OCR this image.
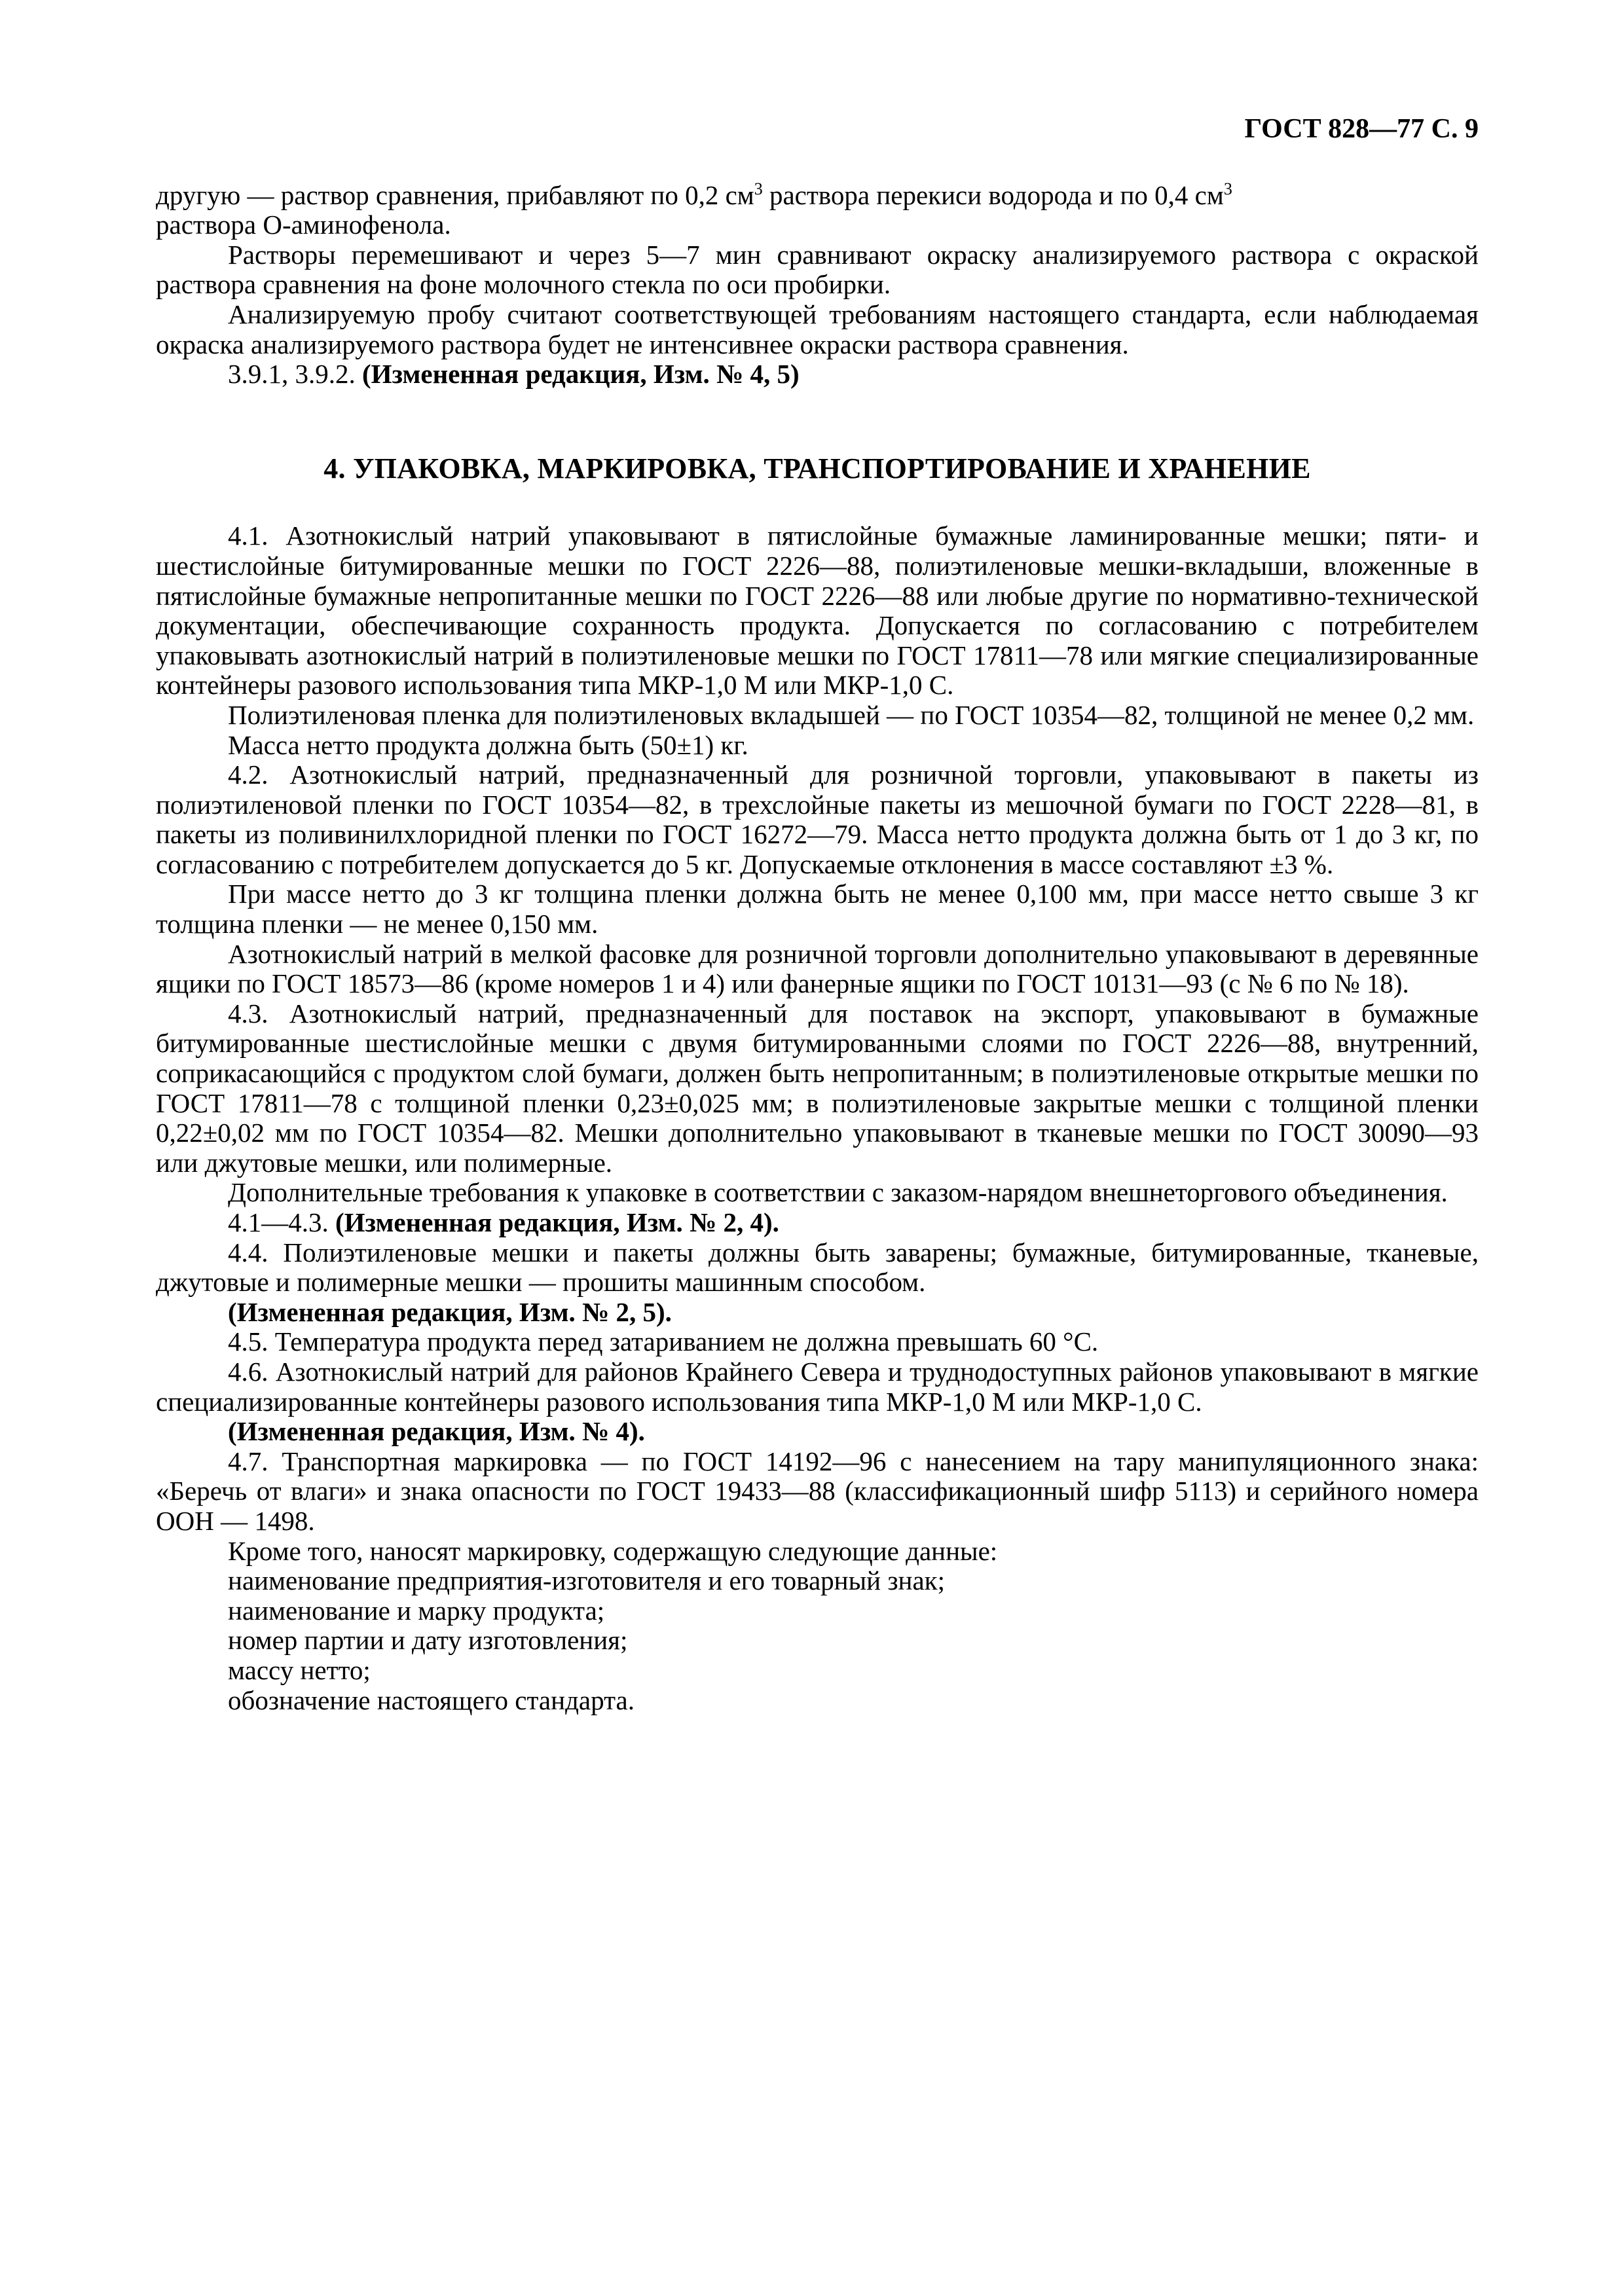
ГОСТ 828—77 С. 9

другую — раствор сравнения, прибавляют по 0,2 $см^3$ раствора перекиси водорода и по 0,4 $см^3$
раствора О-аминофенола.

Растворы перемешивают и через 5—7 мин сравнивают окраску анализируемого раствора с окраской раствора сравнения на фоне молочного стекла по оси пробирки.

Анализируемую пробу считают соответствующей требованиям настоящего стандарта, если наблюдаемая окраска анализируемого раствора будет не интенсивнее окраски раствора сравнения.

3.9.1, 3.9.2. (Измененная редакция, Изм. № 4, 5)

4. УПАКОВКА, МАРКИРОВКА, ТРАНСПОРТИРОВАНИЕ И ХРАНЕНИЕ

4.1. Азотнокислый натрий упаковывают в пятислойные бумажные ламинированные мешки; пяти- и шестислойные битумированные мешки по ГОСТ 2226—88, полиэтиленовые мешки-вкладыши, вложенные в пятислойные бумажные непропитанные мешки по ГОСТ 2226—88 или любые другие по нормативно-технической документации, обеспечивающие сохранность продукта. Допускается по согласованию с потребителем упаковывать азотнокислый натрий в полиэтиленовые мешки по ГОСТ 17811—78 или мягкие специализированные контейнеры разового использования типа МКР-1,0 М или МКР-1,0 С.

Полиэтиленовая пленка для полиэтиленовых вкладышей — по ГОСТ 10354—82, толщиной не менее 0,2 мм.

Масса нетто продукта должна быть (50±1) кг.

4.2. Азотнокислый натрий, предназначенный для розничной торговли, упаковывают в пакеты из полиэтиленовой пленки по ГОСТ 10354—82, в трехслойные пакеты из мешочной бумаги по ГОСТ 2228—81, в пакеты из поливинилхлоридной пленки по ГОСТ 16272—79. Масса нетто продукта должна быть от 1 до 3 кг, по согласованию с потребителем допускается до 5 кг. Допускаемые отклонения в массе составляют ±3 %.

При массе нетто до 3 кг толщина пленки должна быть не менее 0,100 мм, при массе нетто свыше 3 кг толщина пленки — не менее 0,150 мм.

Азотнокислый натрий в мелкой фасовке для розничной торговли дополнительно упаковывают в деревянные ящики по ГОСТ 18573—86 (кроме номеров 1 и 4) или фанерные ящики по ГОСТ 10131—93 (с № 6 по № 18).

4.3. Азотнокислый натрий, предназначенный для поставок на экспорт, упаковывают в бумажные битумированные шестислойные мешки с двумя битумированными слоями по ГОСТ 2226—88, внутренний, соприкасающийся с продуктом слой бумаги, должен быть непропитанным; в полиэтиленовые открытые мешки по ГОСТ 17811—78 с толщиной пленки 0,23±0,025 мм; в полиэтиленовые закрытые мешки с толщиной пленки 0,22±0,02 мм по ГОСТ 10354—82. Мешки дополнительно упаковывают в тканевые мешки по ГОСТ 30090—93 или джутовые мешки, или полимерные.

Дополнительные требования к упаковке в соответствии с заказом-нарядом внешнеторгового объединения.

4.1—4.3. (Измененная редакция, Изм. № 2, 4).

4.4. Полиэтиленовые мешки и пакеты должны быть заварены; бумажные, битумированные, тканевые, джутовые и полимерные мешки — прошиты машинным способом.

(Измененная редакция, Изм. № 2, 5).

4.5. Температура продукта перед затариванием не должна превышать 60 °С.

4.6. Азотнокислый натрий для районов Крайнего Севера и труднодоступных районов упаковывают в мягкие специализированные контейнеры разового использования типа МКР-1,0 М или МКР-1,0 С.

(Измененная редакция, Изм. № 4).

4.7. Транспортная маркировка — по ГОСТ 14192—96 с нанесением на тару манипуляционного знака: «Беречь от влаги» и знака опасности по ГОСТ 19433—88 (классификационный шифр 5113) и серийного номера ООН — 1498.

Кроме того, наносят маркировку, содержащую следующие данные:

наименование предприятия-изготовителя и его товарный знак;

наименование и марку продукта;

номер партии и дату изготовления;

массу нетто;

обозначение настоящего стандарта.
